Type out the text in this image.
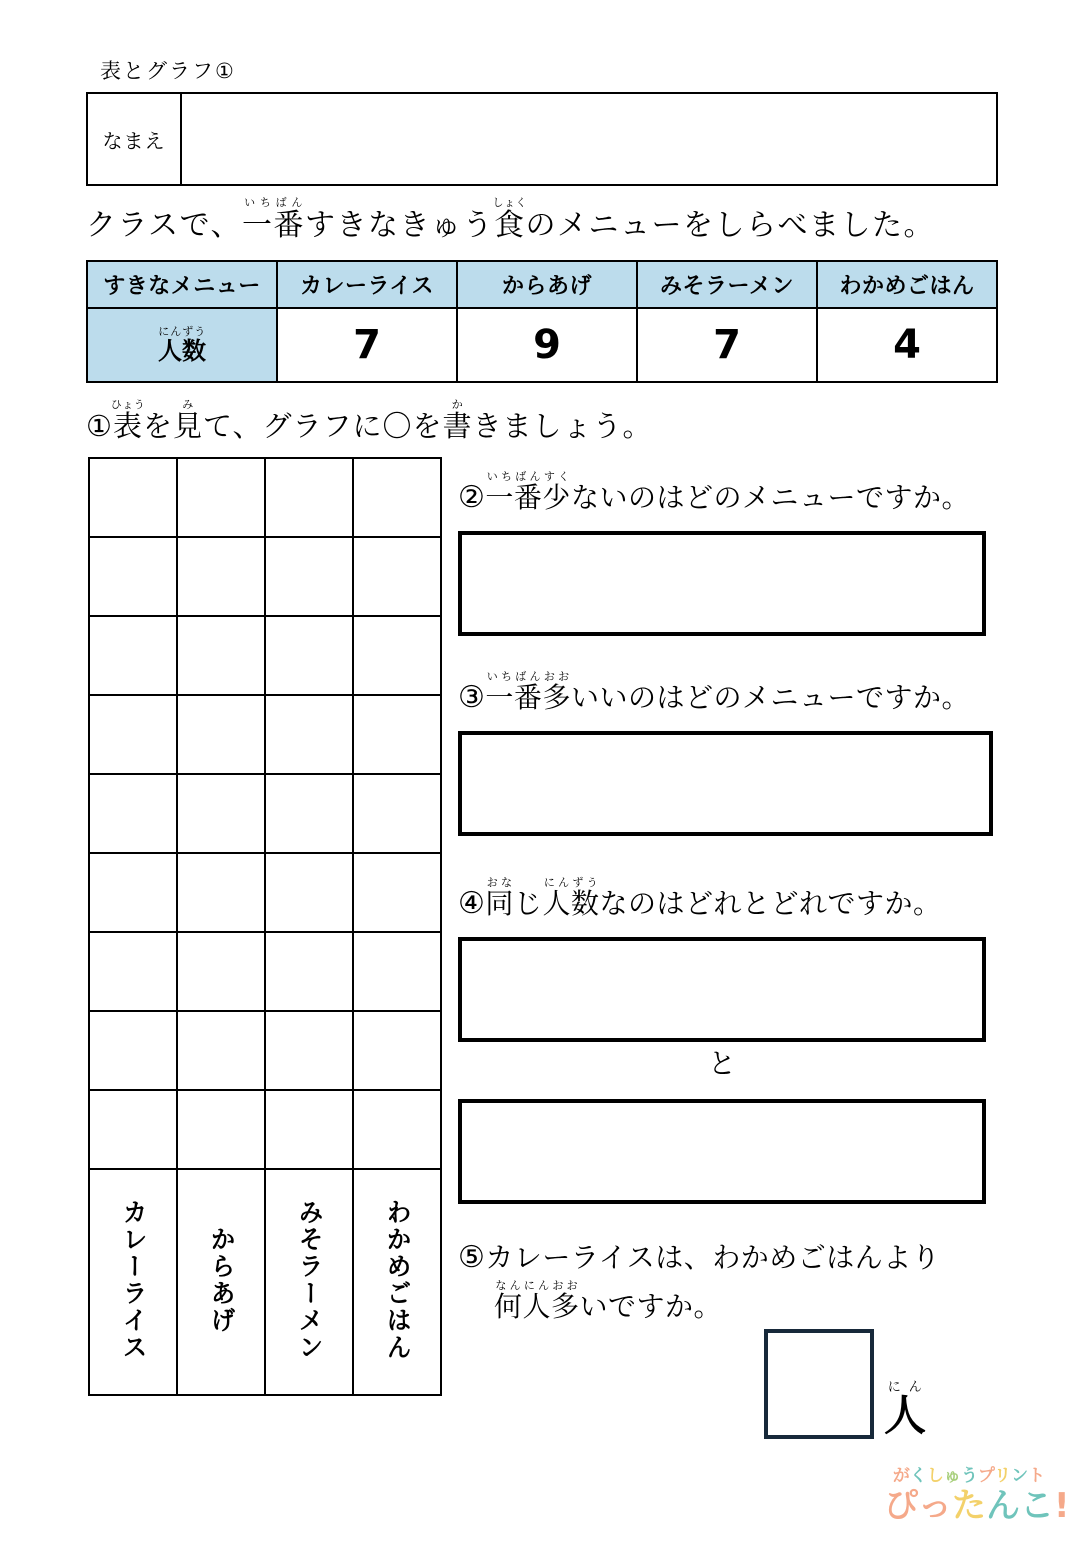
表とグラフ①
なまえ
クラスで、一いち番ばんすきなきゅう食しょくのメニューをしらべました。
すきなメニュー	カレーライス	からあげ	みそラーメン	わかめごはん
人にん数ずう	7	9	7	4
①表ひょうを見みて、グラフに〇を書かきましょう。

カレーライス	からあげ	みそラーメン	わかめごはん
②一いち番ばん少すくないのはどのメニューですか。
③一いち番ばん多おおいいのはどのメニューですか。
④同おなじ人にん数ずうなのはどれとどれですか。
と
⑤カレーライスは、わかめごはんより
何なん人にん多おおいですか。
人にん
がくしゅうプリント
ぴったんこ!
